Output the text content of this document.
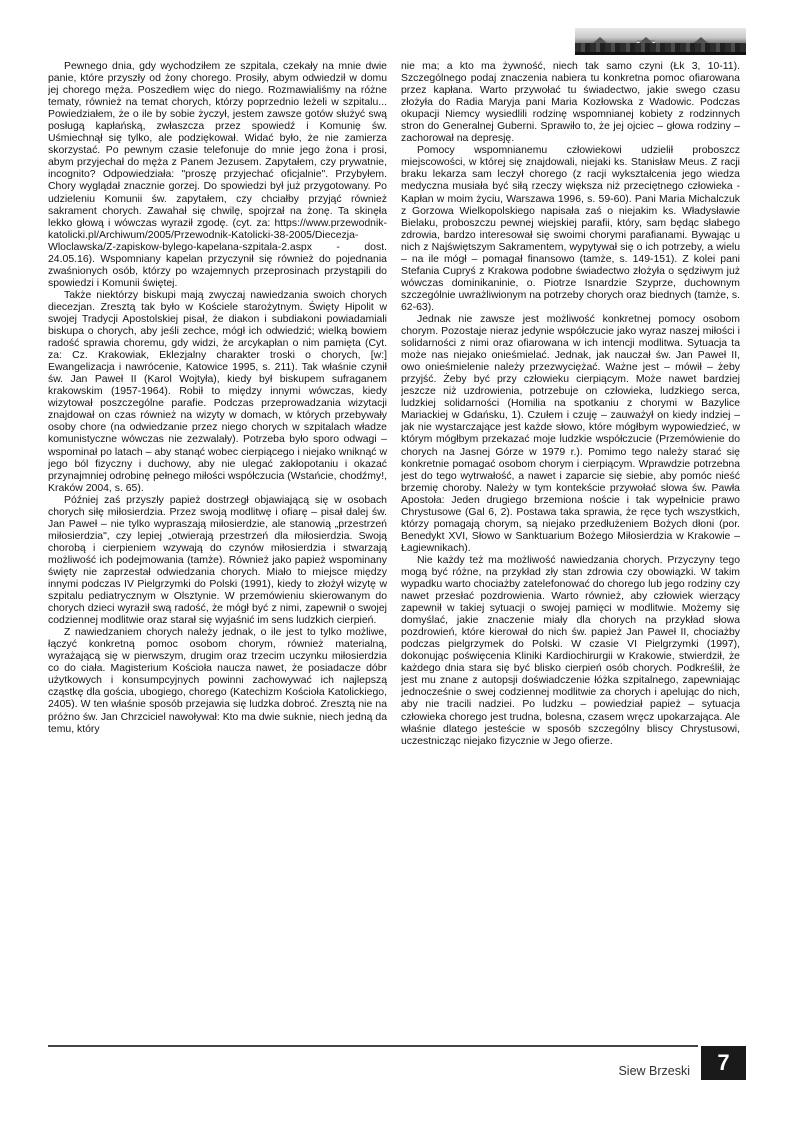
Pewnego dnia, gdy wychodziłem ze szpitala, czekały na mnie dwie panie, które przyszły od żony chorego. Prosiły, abym odwiedził w domu jej chorego męża. Poszedłem więc do niego. Rozmawialiśmy na różne tematy, również na temat chorych, którzy poprzednio leżeli w szpitalu... Powiedziałem, że o ile by sobie życzył, jestem zawsze gotów służyć swą posługą kapłańską, zwłaszcza przez spowiedź i Komunię św. Uśmiechnął się tylko, ale podziękował. Widać było, że nie zamierza skorzystać. Po pewnym czasie telefonuje do mnie jego żona i prosi, abym przyjechał do męża z Panem Jezusem. Zapytałem, czy prywatnie, incognito? Odpowiedziała: "proszę przyjechać oficjalnie". Przybyłem. Chory wyglądał znacznie gorzej. Do spowiedzi był już przygotowany. Po udzieleniu Komunii św. zapytałem, czy chciałby przyjąć również sakrament chorych. Zawahał się chwilę, spojrzał na żonę. Ta skinęła lekko głową i wówczas wyraził zgodę. (cyt. za: https://www.przewodnik-katolicki.pl/Archiwum/2005/Przewodnik-Katolicki-38-2005/Diecezja-Wloclawska/Z-zapiskow-bylego-kapelana-szpitala-2.aspx - dost. 24.05.16). Wspomniany kapelan przyczynił się również do pojednania zwaśnionych osób, którzy po wzajemnych przeprosinach przystąpili do spowiedzi i Komunii świętej.

Także niektórzy biskupi mają zwyczaj nawiedzania swoich chorych diecezjan. Zresztą tak było w Kościele starożytnym. Święty Hipolit w swojej Tradycji Apostolskiej pisał, że diakon i subdiakoni powiadamiali biskupa o chorych, aby jeśli zechce, mógł ich odwiedzić; wielką bowiem radość sprawia choremu, gdy widzi, że arcykapłan o nim pamięta (Cyt. za: Cz. Krakowiak, Eklezjalny charakter troski o chorych, [w:] Ewangelizacja i nawrócenie, Katowice 1995, s. 211). Tak właśnie czynił św. Jan Paweł II (Karol Wojtyła), kiedy był biskupem sufraganem krakowskim (1957-1964). Robił to między innymi wówczas, kiedy wizytował poszczególne parafie. Podczas przeprowadzania wizytacji znajdował on czas również na wizyty w domach, w których przebywały osoby chore (na odwiedzanie przez niego chorych w szpitalach władze komunistyczne wówczas nie zezwalały). Potrzeba było sporo odwagi – wspominał po latach – aby stanąć wobec cierpiącego i niejako wniknąć w jego ból fizyczny i duchowy, aby nie ulegać zakłopotaniu i okazać przynajmniej odrobinę pełnego miłości współczucia (Wstańcie, chodźmy!, Kraków 2004, s. 65).

Później zaś przyszły papież dostrzegł objawiającą się w osobach chorych siłę miłosierdzia. Przez swoją modlitwę i ofiarę – pisał dalej św. Jan Paweł – nie tylko wypraszają miłosierdzie, ale stanowią „przestrzeń miłosierdzia", czy lepiej „otwierają przestrzeń dla miłosierdzia. Swoją chorobą i cierpieniem wzywają do czynów miłosierdzia i stwarzają możliwość ich podejmowania (tamże). Również jako papież wspominany święty nie zaprzestał odwiedzania chorych. Miało to miejsce między innymi podczas IV Pielgrzymki do Polski (1991), kiedy to złożył wizytę w szpitalu pediatrycznym w Olsztynie. W przemówieniu skierowanym do chorych dzieci wyraził swą radość, że mógł być z nimi, zapewnił o swojej codziennej modlitwie oraz starał się wyjaśnić im sens ludzkich cierpień.

Z nawiedzaniem chorych należy jednak, o ile jest to tylko możliwe, łączyć konkretną pomoc osobom chorym, również materialną, wyrażającą się w pierwszym, drugim oraz trzecim uczynku miłosierdzia co do ciała. Magisterium Kościoła naucza nawet, że posiadacze dóbr użytkowych i konsumpcyjnych powinni zachowywać ich najlepszą cząstkę dla gościa, ubogiego, chorego (Katechizm Kościoła Katolickiego, 2405). W ten właśnie sposób przejawia się ludzka dobroć. Zresztą nie na próżno św. Jan Chrzciciel nawoływał: Kto ma dwie suknie, niech jedną da temu, który

nie ma; a kto ma żywność, niech tak samo czyni (Łk 3, 10-11). Szczególnego podaj znaczenia nabiera tu konkretna pomoc ofiarowana przez kapłana. Warto przywołać tu świadectwo, jakie swego czasu złożyła do Radia Maryja pani Maria Kozłowska z Wadowic. Podczas okupacji Niemcy wysiedlili rodzinę wspomnianej kobiety z rodzinnych stron do Generalnej Guberni. Sprawiło to, że jej ojciec – głowa rodziny – zachorował na depresję.

Pomocy wspomnianemu człowiekowi udzielił proboszcz miejscowości, w której się znajdowali, niejaki ks. Stanisław Meus. Z racji braku lekarza sam leczył chorego (z racji wykształcenia jego wiedza medyczna musiała być siłą rzeczy większa niż przeciętnego człowieka - Kapłan w moim życiu, Warszawa 1996, s. 59-60). Pani Maria Michalczuk z Gorzowa Wielkopolskiego napisała zaś o niejakim ks. Władysławie Bielaku, proboszczu pewnej wiejskiej parafii, który, sam będąc słabego zdrowia, bardzo interesował się swoimi chorymi parafianami. Bywając u nich z Najświętszym Sakramentem, wypytywał się o ich potrzeby, a wielu – na ile mógł – pomagał finansowo (tamże, s. 149-151). Z kolei pani Stefania Cupryś z Krakowa podobne świadectwo złożyła o sędziwym już wówczas dominikaninie, o. Piotrze Isnardzie Szyprze, duchownym szczególnie uwrażliwionym na potrzeby chorych oraz biednych (tamże, s. 62-63).

Jednak nie zawsze jest możliwość konkretnej pomocy osobom chorym. Pozostaje nieraz jedynie współczucie jako wyraz naszej miłości i solidarności z nimi oraz ofiarowana w ich intencji modlitwa. Sytuacja ta może nas niejako onieśmielać. Jednak, jak nauczał św. Jan Paweł II, owo onieśmielenie należy przezwyciężać. Ważne jest – mówił – żeby przyjść. Żeby być przy człowieku cierpiącym. Może nawet bardziej jeszcze niż uzdrowienia, potrzebuje on człowieka, ludzkiego serca, ludzkiej solidarności (Homilia na spotkaniu z chorymi w Bazylice Mariackiej w Gdańsku, 1). Czułem i czuję – zauważył on kiedy indziej – jak nie wystarczające jest każde słowo, które mógłbym wypowiedzieć, w którym mógłbym przekazać moje ludzkie współczucie (Przemówienie do chorych na Jasnej Górze w 1979 r.). Pomimo tego należy starać się konkretnie pomagać osobom chorym i cierpiącym. Wprawdzie potrzebna jest do tego wytrwałość, a nawet i zaparcie się siebie, aby pomóc nieść brzemię choroby. Należy w tym kontekście przywołać słowa św. Pawła Apostoła: Jeden drugiego brzemiona noście i tak wypełnicie prawo Chrystusowe (Gal 6, 2). Postawa taka sprawia, że ręce tych wszystkich, którzy pomagają chorym, są niejako przedłużeniem Bożych dłoni (por. Benedykt XVI, Słowo w Sanktuarium Bożego Miłosierdzia w Krakowie – Łagiewnikach).

Nie każdy też ma możliwość nawiedzania chorych. Przyczyny tego mogą być różne, na przykład zły stan zdrowia czy obowiązki. W takim wypadku warto chociażby zatelefonować do chorego lub jego rodziny czy nawet przesłać pozdrowienia. Warto również, aby człowiek wierzący zapewnił w takiej sytuacji o swojej pamięci w modlitwie. Możemy się domyślać, jakie znaczenie miały dla chorych na przykład słowa pozdrowień, które kierował do nich św. papież Jan Paweł II, chociażby podczas pielgrzymek do Polski. W czasie VI Pielgrzymki (1997), dokonując poświęcenia Kliniki Kardiochirurgii w Krakowie, stwierdził, że każdego dnia stara się być blisko cierpień osób chorych. Podkreślił, że jest mu znane z autopsji doświadczenie łóżka szpitalnego, zapewniając jednocześnie o swej codziennej modlitwie za chorych i apelując do nich, aby nie tracili nadziei. Po ludzku – powiedział papież – sytuacja człowieka chorego jest trudna, bolesna, czasem wręcz upokarzająca. Ale właśnie dlatego jesteście w sposób szczególny bliscy Chrystusowi, uczestnicząc niejako fizycznie w Jego ofierze.

Siew Brzeski	7
